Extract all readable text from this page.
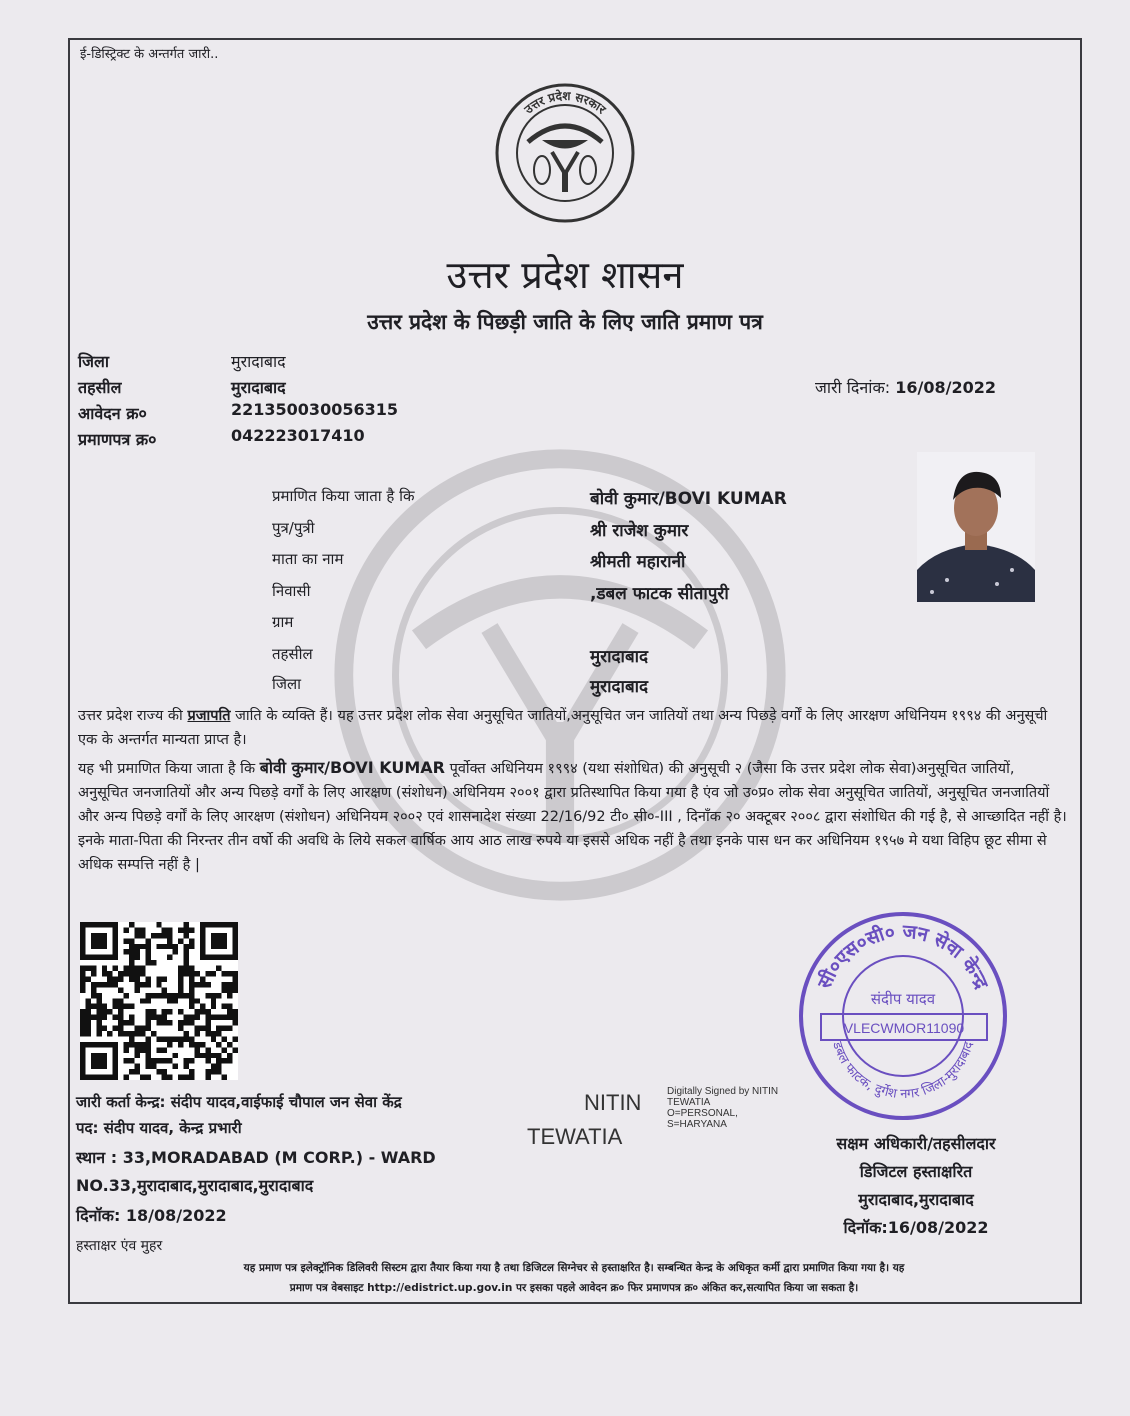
ई-डिस्ट्रिक्ट के अन्तर्गत जारी..
उत्तर प्रदेश सरकार
उत्तर प्रदेश शासन
उत्तर प्रदेश के पिछड़ी जाति के लिए जाति प्रमाण पत्र
जिला	मुरादाबाद
तहसील	मुरादाबाद
आवेदन क्र०	221350030056315
प्रमाणपत्र क्र०	042223017410
जारी दिनांक: 16/08/2022
प्रमाणित किया जाता है कि	बोवी कुमार/BOVI KUMAR
पुत्र/पुत्री	श्री राजेश कुमार
माता का नाम	श्रीमती महारानी
निवासी	,डबल फाटक सीतापुरी
ग्राम
तहसील	मुरादाबाद
जिला	मुरादाबाद
उत्तर प्रदेश राज्य की प्रजापति जाति के व्यक्ति हैं। यह उत्तर प्रदेश लोक सेवा अनुसूचित जातियों,अनुसूचित जन जातियों तथा अन्य पिछड़े वर्गों के लिए आरक्षण अधिनियम १९९४ की अनुसूची एक के अन्तर्गत मान्यता प्राप्त है।
यह भी प्रमाणित किया जाता है कि बोवी कुमार/BOVI KUMAR पूर्वोक्त अधिनियम १९९४ (यथा संशोधित) की अनुसूची २ (जैसा कि उत्तर प्रदेश लोक सेवा)अनुसूचित जातियों, अनुसूचित जनजातियों और अन्य पिछड़े वर्गों के लिए आरक्षण (संशोधन) अधिनियम २००१ द्वारा प्रतिस्थापित किया गया है एंव जो उ०प्र० लोक सेवा अनुसूचित जातियों, अनुसूचित जनजातियों और अन्य पिछड़े वर्गों के लिए आरक्षण (संशोधन) अधिनियम २००२ एवं शासनादेश संख्या 22/16/92 टी० सी०-III , दिनाँक २० अक्टूबर २००८ द्वारा संशोधित की गई है, से आच्छादित नहीं है।इनके माता-पिता की निरन्तर तीन वर्षो की अवधि के लिये सकल वार्षिक आय आठ लाख रुपये या इससे अधिक नहीं है तथा इनके पास धन कर अधिनियम १९५७ मे यथा विहिप छूट सीमा से अधिक सम्पत्ति नहीं है |
सी०एस०सी० जन सेवा केन्द्र
डबल फाटक, दुर्गेश नगर जिला-मुरादाबाद
संदीप यादव
VLECWMOR11090
जारी कर्ता केन्द्र: संदीप यादव,वाईफाई चौपाल जन सेवा केंद्र
पद: संदीप यादव, केन्द्र प्रभारी
स्थान : 33,MORADABAD (M CORP.) - WARD
NO.33,मुरादाबाद,मुरादाबाद,मुरादाबाद
दिनॉक: 18/08/2022
हस्ताक्षर एंव मुहर
NITIN
TEWATIA
Digitally Signed by NITIN
TEWATIA
O=PERSONAL,
S=HARYANA
सक्षम अधिकारी/तहसीलदार
डिजिटल हस्ताक्षरित
मुरादाबाद,मुरादाबाद
दिनॉक:16/08/2022
यह प्रमाण पत्र इलेक्ट्रॉनिक डिलिवरी सिस्टम द्वारा तैयार किया गया है तथा डिजिटल सिग्नेचर से हस्ताक्षरित है। सम्बन्धित केन्द्र के अधिकृत कर्मी द्वारा प्रमाणित किया गया है। यह
प्रमाण पत्र वेबसाइट http://edistrict.up.gov.in पर इसका पहले आवेदन क्र० फिर प्रमाणपत्र क्र० अंकित कर,सत्यापित किया जा सकता है।
